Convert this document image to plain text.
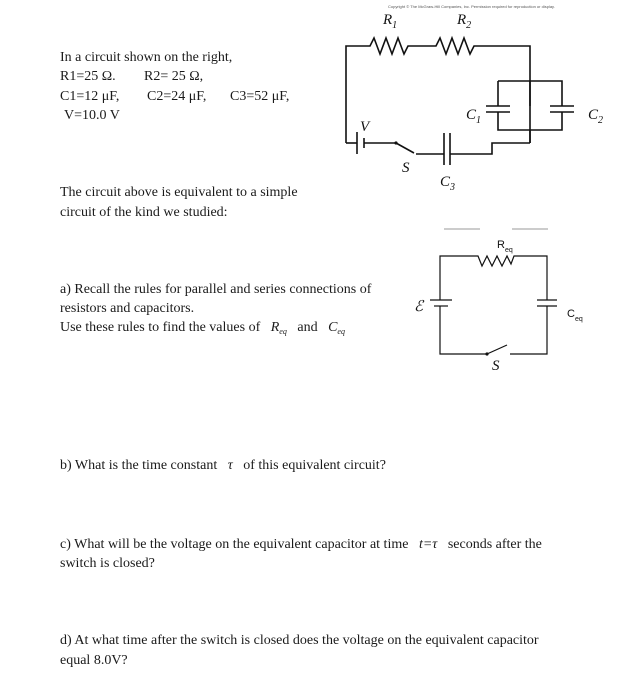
In a circuit shown on the right,
R1=25 Ω. R2= 25 Ω,
C1=12 μF, C2=24 μF, C3=52 μF,
V=10.0 V
The circuit above is equivalent to a simple
circuit of the kind we studied:
a) Recall the rules for parallel and series connections of
resistors and capacitors.
Use these rules to find the values of $R_{eq}$ and $C_{eq}$
b) What is the time constant τ of this equivalent circuit?
c) What will be the voltage on the equivalent capacitor at time t=τ seconds after the
switch is closed?
d) At what time after the switch is closed does the voltage on the equivalent capacitor
equal 8.0V?
Copyright © The McGraw-Hill Companies, Inc. Permission required for reproduction or display.
$R_1$	$R_2$
V
S
$C_3$
$C_1$	$C_2$
$R_{eq}$
ℰ	$C_{eq}$
S
